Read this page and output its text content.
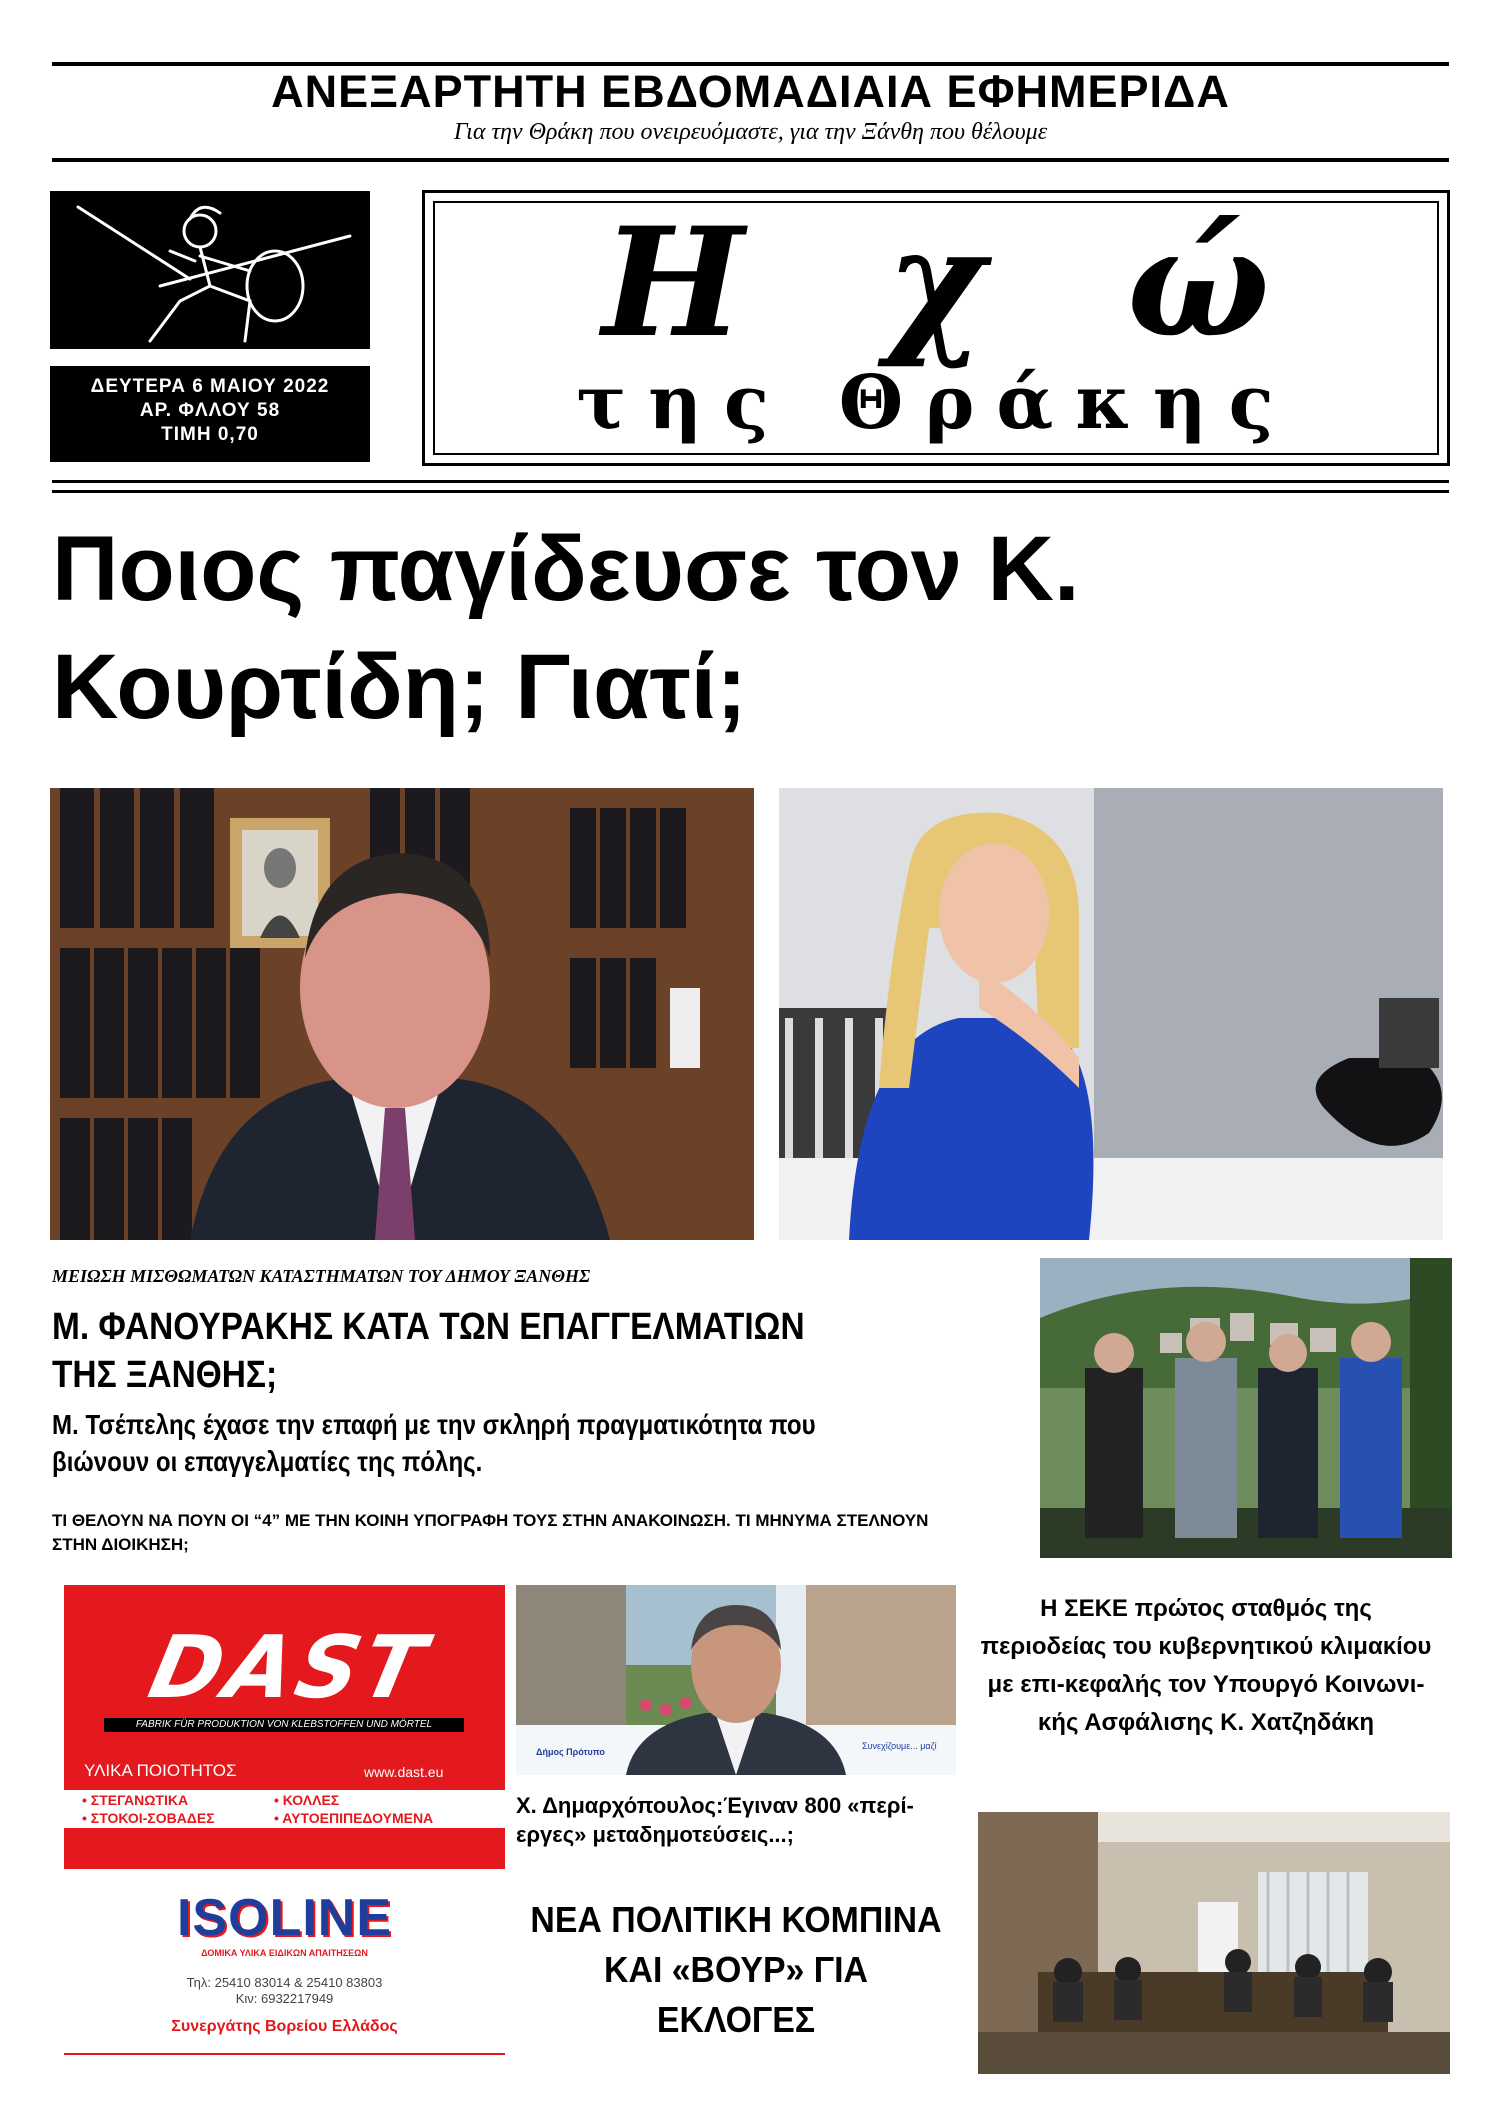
ΑΝΕΞΑΡΤΗΤΗ ΕΒΔΟΜΑΔΙΑΙΑ ΕΦΗΜΕΡΙΔΑ
Για την Θράκη που ονειρευόμαστε, για την Ξάνθη που θέλουμε
ΔΕΥΤΕΡΑ 6 ΜΑΙΟΥ 2022
ΑΡ. ΦΛΛΟΥ 58
ΤΙΜΗ 0,70
Η χ ώ
της Θράκης
Ποιος παγίδευσε τον Κ.
Κουρτίδη; Γιατί;
ΜΕΙΩΣΗ ΜΙΣΘΩΜΑΤΩΝ ΚΑΤΑΣΤΗΜΑΤΩΝ ΤΟΥ ΔΗΜΟΥ ΞΑΝΘΗΣ
Μ. ΦΑΝΟΥΡΑΚΗΣ ΚΑΤΑ ΤΩΝ ΕΠΑΓΓΕΛΜΑΤΙΩΝ ΤΗΣ ΞΑΝΘΗΣ;
Μ. Τσέπελης έχασε την επαφή με την σκληρή πραγματικότητα που βιώνουν οι επαγγελματίες της πόλης.
ΤΙ ΘΕΛΟΥΝ ΝΑ ΠΟΥΝ ΟΙ “4” ΜΕ ΤΗΝ ΚΟΙΝΗ ΥΠΟΓΡΑΦΗ ΤΟΥΣ ΣΤΗΝ ΑΝΑΚΟΙΝΩΣΗ. ΤΙ ΜΗΝΥΜΑ ΣΤΕΛΝΟΥΝ ΣΤΗΝ ΔΙΟΙΚΗΣΗ;
DAST
FABRIK FÜR PRODUKTION VON KLEBSTOFFEN UND MÖRTEL
ΥΛΙΚΑ ΠΟΙΟΤΗΤΟΣ	www.dast.eu
• ΣΤΕΓΑΝΩΤΙΚΑ	• ΚΟΛΛΕΣ
• ΣΤΟΚΟΙ-ΣΟΒΑΔΕΣ	• ΑΥΤΟΕΠΙΠΕΔΟΥΜΕΝΑ
ISOLINE
ΔΟΜΙΚΑ ΥΛΙΚΑ ΕΙΔΙΚΩΝ ΑΠΑΙΤΗΣΕΩΝ
Τηλ: 25410 83014 & 25410 83803
Κιν: 6932217949
Συνεργάτης Βορείου Ελλάδος
Δήμος Πρότυπο
Συνεχίζουμε... μαζί
Χ. Δημαρχόπουλος:Έγιναν 800 «περί-εργες» μεταδημοτεύσεις...;
ΝΕΑ ΠΟΛΙΤΙΚΗ ΚΟΜΠΙΝΑ ΚΑΙ «ΒΟΥΡ» ΓΙΑ ΕΚΛΟΓΕΣ
Η ΣΕΚΕ πρώτος σταθμός της περιοδείας του κυβερνητικού κλιμακίου με επι-κεφαλής τον Υπουργό Κοινωνι-κής Ασφάλισης Κ. Χατζηδάκη
